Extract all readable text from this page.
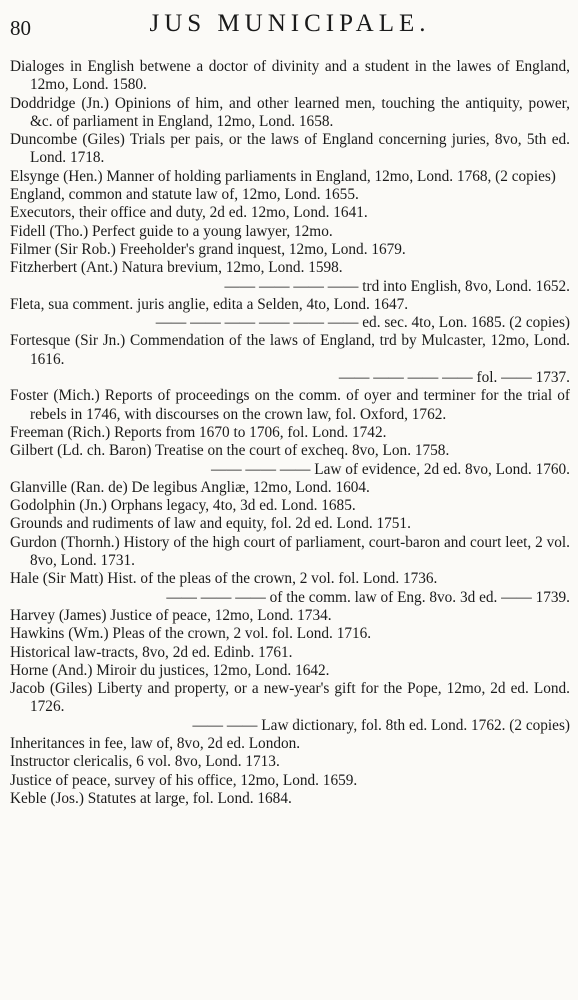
80	JUS MUNICIPALE.
Dialoges in English betwene a doctor of divinity and a student in the lawes of England, 12mo, Lond. 1580.
Doddridge (Jn.) Opinions of him, and other learned men, touching the antiquity, power, &c. of parliament in England, 12mo, Lond. 1658.
Duncombe (Giles) Trials per pais, or the laws of England concerning juries, 8vo, 5th ed. Lond. 1718.
Elsynge (Hen.) Manner of holding parliaments in England, 12mo, Lond. 1768, (2 copies)
England, common and statute law of, 12mo, Lond. 1655.
Executors, their office and duty, 2d ed. 12mo, Lond. 1641.
Fidell (Tho.) Perfect guide to a young lawyer, 12mo.
Filmer (Sir Rob.) Freeholder's grand inquest, 12mo, Lond. 1679.
Fitzherbert (Ant.) Natura brevium, 12mo, Lond. 1598.
—— —— —— —— trd into English, 8vo, Lond. 1652.
Fleta, sua comment. juris anglie, edita a Selden, 4to, Lond. 1647.
—— —— —— —— —— —— ed. sec. 4to, Lon. 1685. (2 copies)
Fortesque (Sir Jn.) Commendation of the laws of England, trd by Mulcaster, 12mo, Lond. 1616.
—— —— —— —— fol. —— 1737.
Foster (Mich.) Reports of proceedings on the comm. of oyer and terminer for the trial of rebels in 1746, with discourses on the crown law, fol. Oxford, 1762.
Freeman (Rich.) Reports from 1670 to 1706, fol. Lond. 1742.
Gilbert (Ld. ch. Baron) Treatise on the court of excheq. 8vo, Lon. 1758.
—— —— —— Law of evidence, 2d ed. 8vo, Lond. 1760.
Glanville (Ran. de) De legibus Angliæ, 12mo, Lond. 1604.
Godolphin (Jn.) Orphans legacy, 4to, 3d ed. Lond. 1685.
Grounds and rudiments of law and equity, fol. 2d ed. Lond. 1751.
Gurdon (Thornh.) History of the high court of parliament, court-baron and court leet, 2 vol. 8vo, Lond. 1731.
Hale (Sir Matt) Hist. of the pleas of the crown, 2 vol. fol. Lond. 1736.
—— —— —— of the comm. law of Eng. 8vo. 3d ed. —— 1739.
Harvey (James) Justice of peace, 12mo, Lond. 1734.
Hawkins (Wm.) Pleas of the crown, 2 vol. fol. Lond. 1716.
Historical law-tracts, 8vo, 2d ed. Edinb. 1761.
Horne (And.) Miroir du justices, 12mo, Lond. 1642.
Jacob (Giles) Liberty and property, or a new-year's gift for the Pope, 12mo, 2d ed. Lond. 1726.
—— —— Law dictionary, fol. 8th ed. Lond. 1762. (2 copies)
Inheritances in fee, law of, 8vo, 2d ed. London.
Instructor clericalis, 6 vol. 8vo, Lond. 1713.
Justice of peace, survey of his office, 12mo, Lond. 1659.
Keble (Jos.) Statutes at large, fol. Lond. 1684.
